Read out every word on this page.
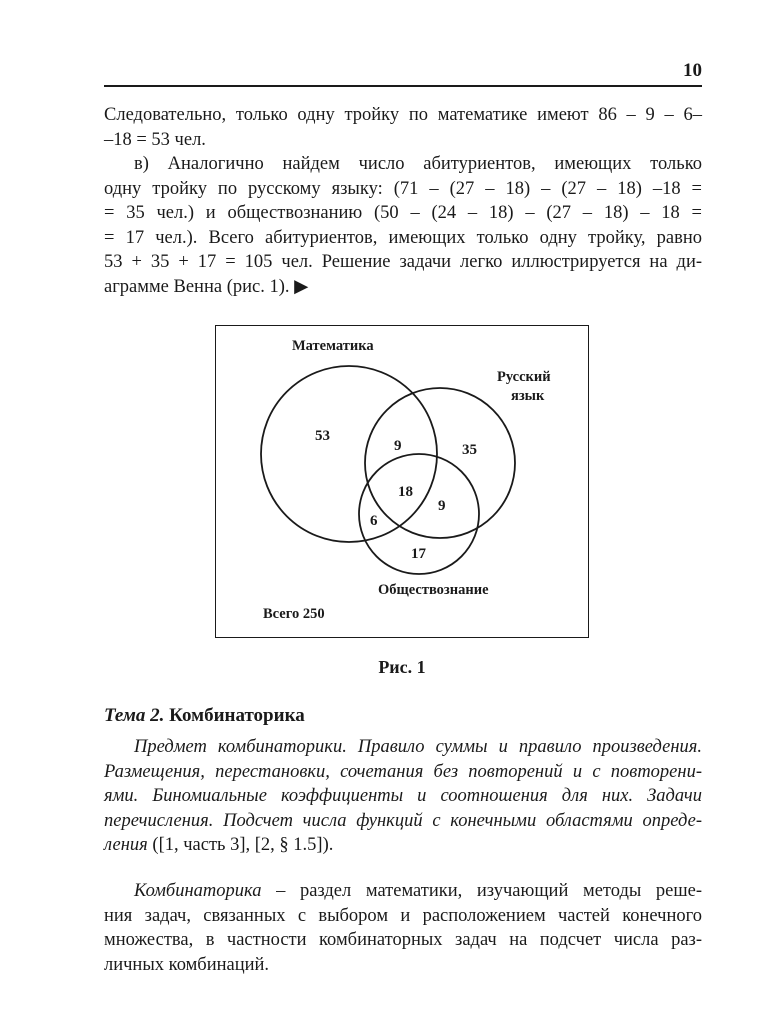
10
Следовательно, только одну тройку по математике имеют 86 – 9 – 6–
–18 = 53 чел.
в) Аналогично найдем число абитуриентов, имеющих только
одну тройку по русскому языку: (71 – (27 – 18) – (27 – 18) –18 =
= 35 чел.) и обществознанию (50 – (24 – 18) – (27 – 18) – 18 =
= 17 чел.). Всего абитуриентов, имеющих только одну тройку, равно
53 + 35 + 17 = 105 чел. Решение задачи легко иллюстрируется на ди-
аграмме Венна (рис. 1). ▶
Математика
Русский
язык
Обществознание
Всего 250
53
9	35
18
9
6
17
Рис. 1
Тема 2. Комбинаторика
Предмет комбинаторики. Правило суммы и правило произведения.
Размещения, перестановки, сочетания без повторений и с повторени-
ями. Биномиальные коэффициенты и соотношения для них. Задачи
перечисления. Подсчет числа функций с конечными областями опреде-
ления ([1, часть 3], [2, § 1.5]).
Комбинаторика – раздел математики, изучающий методы реше-
ния задач, связанных с выбором и расположением частей конечного
множества, в частности комбинаторных задач на подсчет числа раз-
личных комбинаций.
